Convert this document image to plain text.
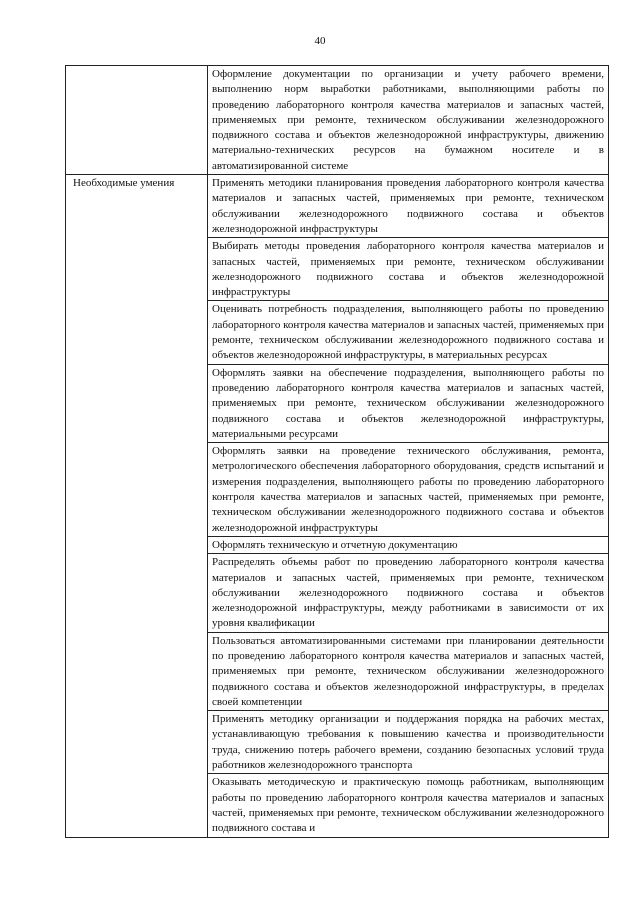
40

	Оформление документации по организации и учету рабочего времени, выполнению норм выработки работниками, выполняющими работы по проведению лабораторного контроля качества материалов и запасных частей, применяемых при ремонте, техническом обслуживании железнодорожного подвижного состава и объектов железнодорожной инфраструктуры, движению материально-технических ресурсов на бумажном носителе и в автоматизированной системе

Необходимые умения	Применять методики планирования проведения лабораторного контроля качества материалов и запасных частей, применяемых при ремонте, техническом обслуживании железнодорожного подвижного состава и объектов железнодорожной инфраструктуры

	Выбирать методы проведения лабораторного контроля качества материалов и запасных частей, применяемых при ремонте, техническом обслуживании железнодорожного подвижного состава и объектов железнодорожной инфраструктуры

	Оценивать потребность подразделения, выполняющего работы по проведению лабораторного контроля качества материалов и запасных частей, применяемых при ремонте, техническом обслуживании железнодорожного подвижного состава и объектов железнодорожной инфраструктуры, в материальных ресурсах

	Оформлять заявки на обеспечение подразделения, выполняющего работы по проведению лабораторного контроля качества материалов и запасных частей, применяемых при ремонте, техническом обслуживании железнодорожного подвижного состава и объектов железнодорожной инфраструктуры, материальными ресурсами

	Оформлять заявки на проведение технического обслуживания, ремонта, метрологического обеспечения лабораторного оборудования, средств испытаний и измерения подразделения, выполняющего работы по проведению лабораторного контроля качества материалов и запасных частей, применяемых при ремонте, техническом обслуживании железнодорожного подвижного состава и объектов железнодорожной инфраструктуры

	Оформлять техническую и отчетную документацию

	Распределять объемы работ по проведению лабораторного контроля качества материалов и запасных частей, применяемых при ремонте, техническом обслуживании железнодорожного подвижного состава и объектов железнодорожной инфраструктуры, между работниками в зависимости от их уровня квалификации

	Пользоваться автоматизированными системами при планировании деятельности по проведению лабораторного контроля качества материалов и запасных частей, применяемых при ремонте, техническом обслуживании железнодорожного подвижного состава и объектов железнодорожной инфраструктуры, в пределах своей компетенции

	Применять методику организации и поддержания порядка на рабочих местах, устанавливающую требования к повышению качества и производительности труда, снижению потерь рабочего времени, созданию безопасных условий труда работников железнодорожного транспорта

	Оказывать методическую и практическую помощь работникам, выполняющим работы по проведению лабораторного контроля качества материалов и запасных частей, применяемых при ремонте, техническом обслуживании железнодорожного подвижного состава и
